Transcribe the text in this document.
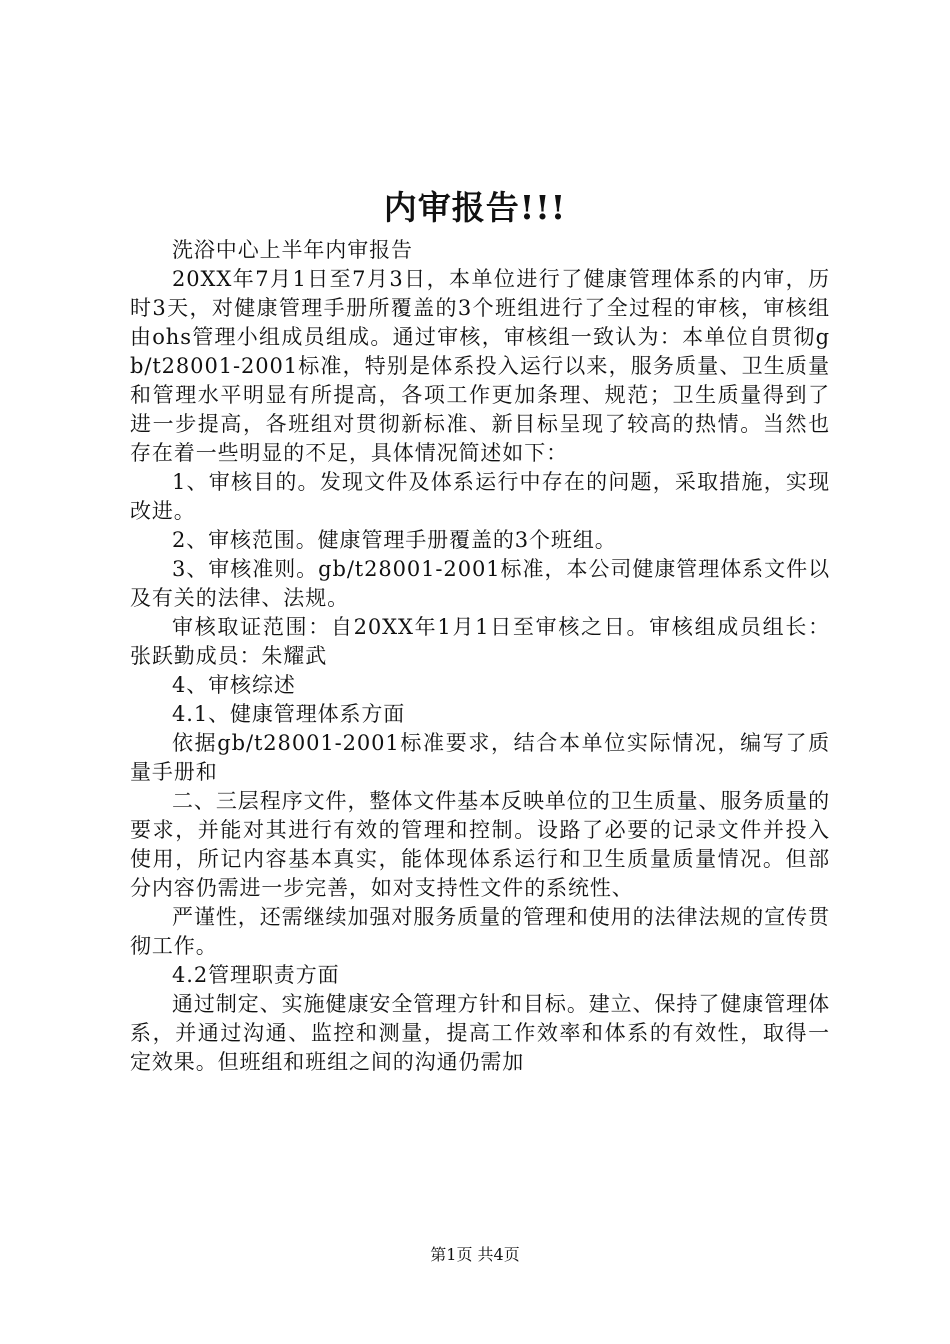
内审报告!!!

洗浴中心上半年内审报告

20XX年7月1日至7月3日，本单位进行了健康管理体系的内审，历时3天，对健康管理手册所覆盖的3个班组进行了全过程的审核，审核组由ohs管理小组成员组成。通过审核，审核组一致认为：本单位自贯彻gb/t28001-2001标准，特别是体系投入运行以来，服务质量、卫生质量和管理水平明显有所提高，各项工作更加条理、规范；卫生质量得到了进一步提高，各班组对贯彻新标准、新目标呈现了较高的热情。当然也存在着一些明显的不足，具体情况简述如下：

1、审核目的。发现文件及体系运行中存在的问题，采取措施，实现改进。

2、审核范围。健康管理手册覆盖的3个班组。

3、审核准则。gb/t28001-2001标准，本公司健康管理体系文件以及有关的法律、法规。

审核取证范围：自20XX年1月1日至审核之日。审核组成员组长：张跃勤成员：朱耀武

4、审核综述

4.1、健康管理体系方面

依据gb/t28001-2001标准要求，结合本单位实际情况，编写了质量手册和

二、三层程序文件，整体文件基本反映单位的卫生质量、服务质量的要求，并能对其进行有效的管理和控制。设路了必要的记录文件并投入使用，所记内容基本真实，能体现体系运行和卫生质量质量情况。但部分内容仍需进一步完善，如对支持性文件的系统性、

严谨性，还需继续加强对服务质量的管理和使用的法律法规的宣传贯彻工作。

4.2管理职责方面

通过制定、实施健康安全管理方针和目标。建立、保持了健康管理体系，并通过沟通、监控和测量，提高工作效率和体系的有效性，取得一定效果。但班组和班组之间的沟通仍需加

第1页 共4页
